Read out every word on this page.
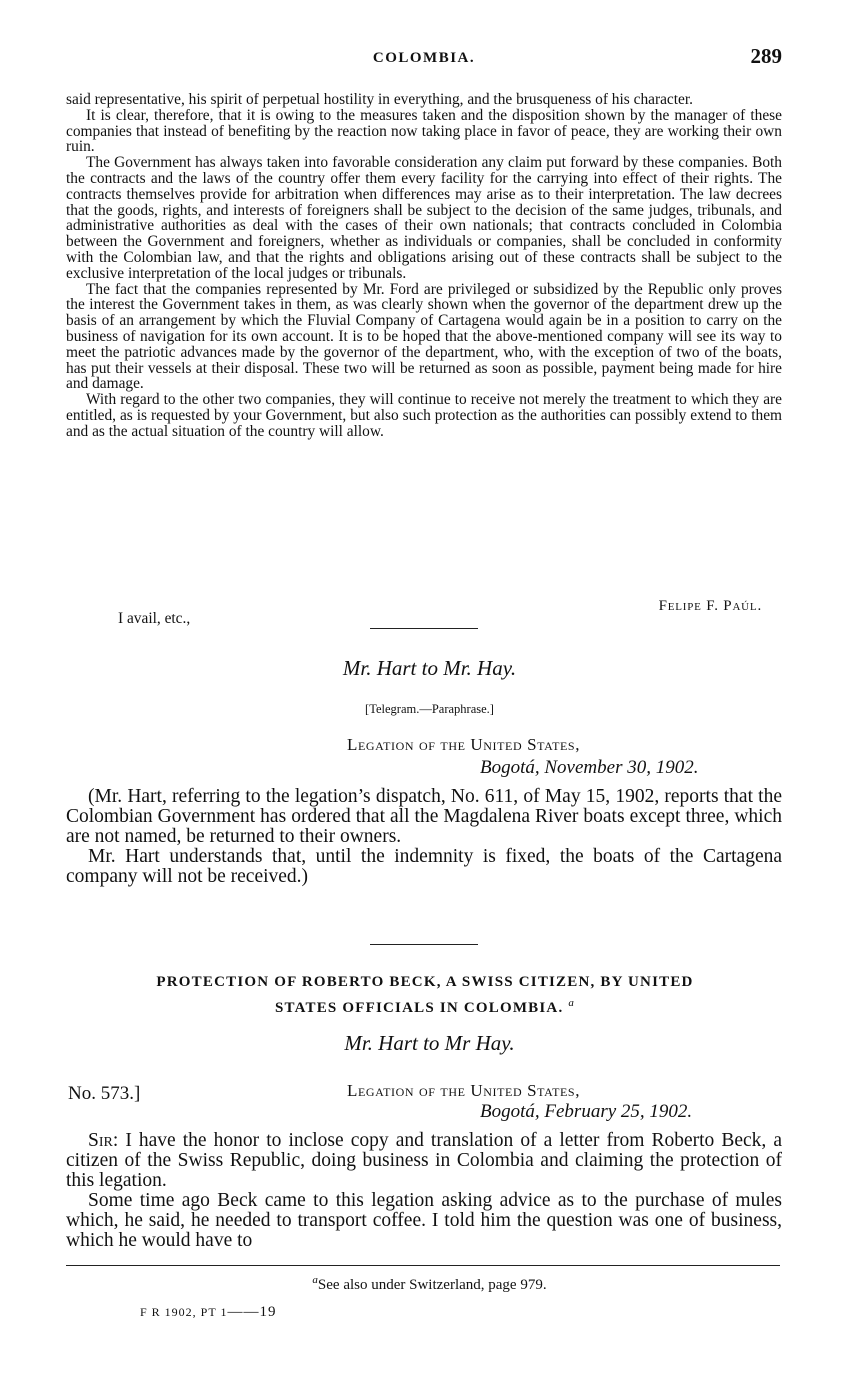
COLOMBIA.	289

said representative, his spirit of perpetual hostility in everything, and the brusqueness of his character.

It is clear, therefore, that it is owing to the measures taken and the disposition shown by the manager of these companies that instead of benefiting by the reaction now taking place in favor of peace, they are working their own ruin.

The Government has always taken into favorable consideration any claim put forward by these companies. Both the contracts and the laws of the country offer them every facility for the carrying into effect of their rights. The contracts themselves provide for arbitration when differences may arise as to their interpretation. The law decrees that the goods, rights, and interests of foreigners shall be subject to the decision of the same judges, tribunals, and administrative authorities as deal with the cases of their own nationals; that contracts concluded in Colombia between the Government and foreigners, whether as individuals or companies, shall be concluded in conformity with the Colombian law, and that the rights and obligations arising out of these contracts shall be subject to the exclusive interpretation of the local judges or tribunals.

The fact that the companies represented by Mr. Ford are privileged or subsidized by the Republic only proves the interest the Government takes in them, as was clearly shown when the governor of the department drew up the basis of an arrangement by which the Fluvial Company of Cartagena would again be in a position to carry on the business of navigation for its own account. It is to be hoped that the above-mentioned company will see its way to meet the patriotic advances made by the governor of the department, who, with the exception of two of the boats, has put their vessels at their disposal. These two will be returned as soon as possible, payment being made for hire and damage.

With regard to the other two companies, they will continue to receive not merely the treatment to which they are entitled, as is requested by your Government, but also such protection as the authorities can possibly extend to them and as the actual situation of the country will allow.

I avail, etc.,
Felipe F. Paúl.
Mr. Hart to Mr. Hay.
[Telegram.—Paraphrase.]
Legation of the United States,
Bogotá, November 30, 1902.

(Mr. Hart, referring to the legation’s dispatch, No. 611, of May 15, 1902, reports that the Colombian Government has ordered that all the Magdalena River boats except three, which are not named, be returned to their owners.

Mr. Hart understands that, until the indemnity is fixed, the boats of the Cartagena company will not be received.)

PROTECTION OF ROBERTO BECK, A SWISS CITIZEN, BY UNITED
STATES OFFICIALS IN COLOMBIA. $^a$
Mr. Hart to Mr Hay.
No. 573.]	Legation of the United States,
Bogotá, February 25, 1902.

Sir: I have the honor to inclose copy and translation of a letter from Roberto Beck, a citizen of the Swiss Republic, doing business in Colombia and claiming the protection of this legation.

Some time ago Beck came to this legation asking advice as to the purchase of mules which, he said, he needed to transport coffee. I told him the question was one of business, which he would have to

$^a$See also under Switzerland, page 979.
F R 1902, PT 1——19
